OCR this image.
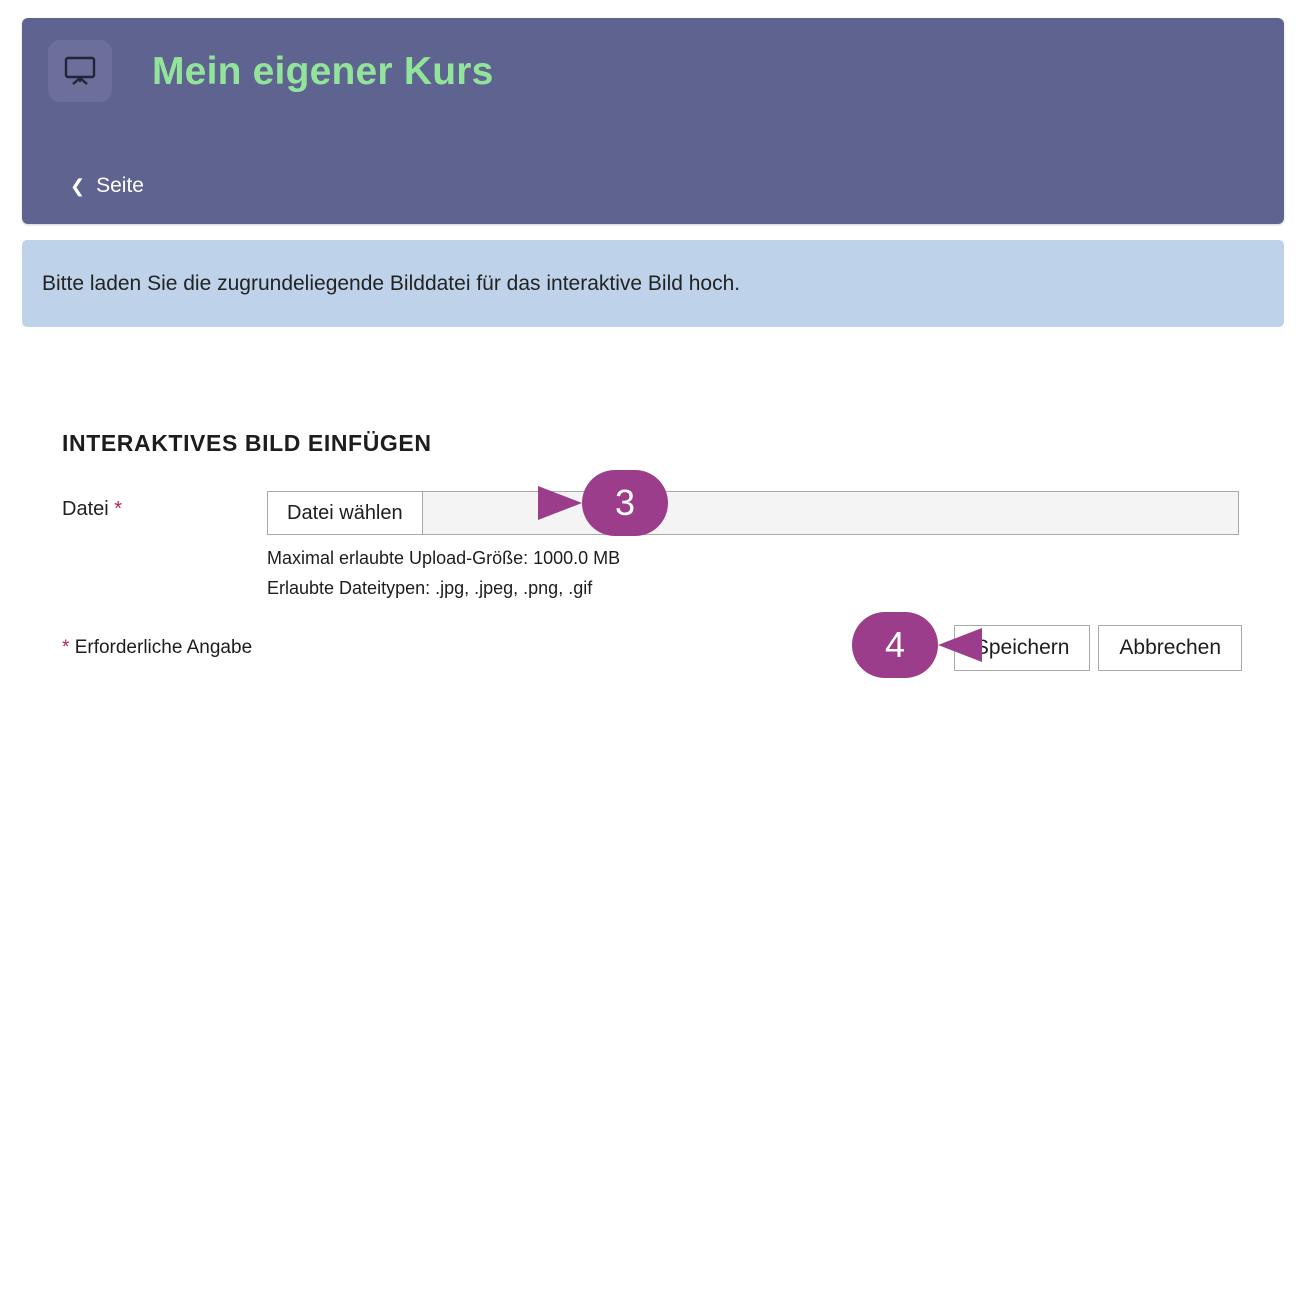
Mein eigener Kurs
❮ Seite
Bitte laden Sie die zugrundeliegende Bilddatei für das interaktive Bild hoch.
INTERAKTIVES BILD EINFÜGEN
Datei *	Datei wählen
Maximal erlaubte Upload-Größe: 1000.0 MB
Erlaubte Dateitypen: .jpg, .jpeg, .png, .gif
* Erforderliche Angabe	Speichern	Abbrechen
3
4
